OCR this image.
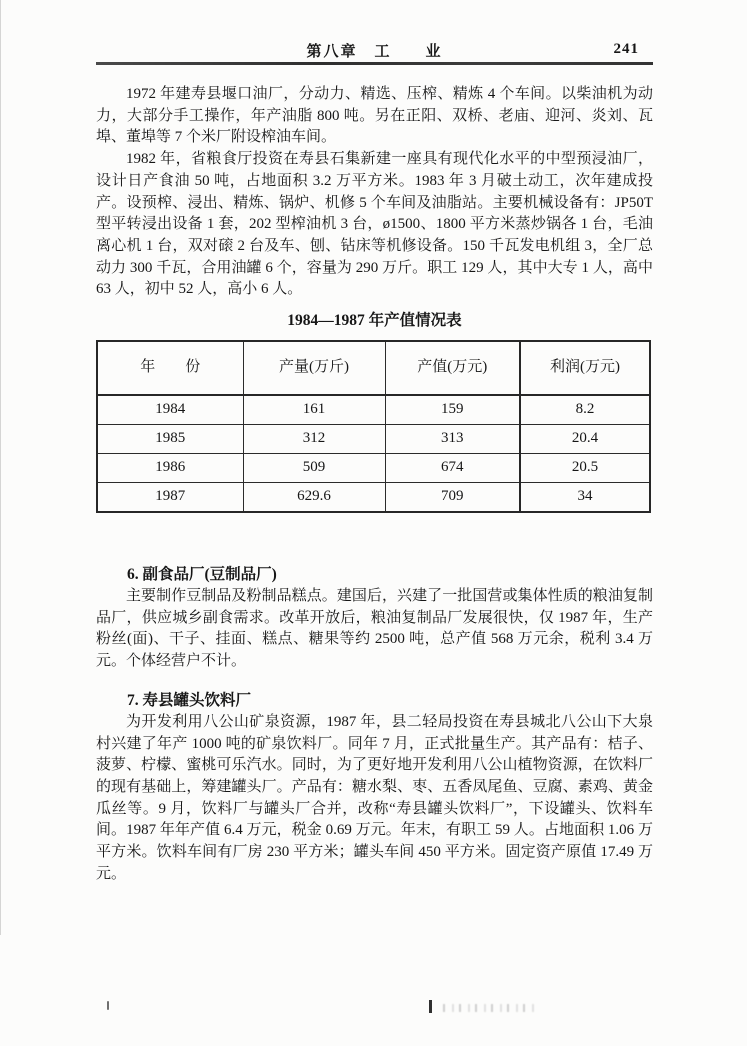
第八章　工　　业	241

1972 年建寿县堰口油厂，分动力、精选、压榨、精炼 4 个车间。以柴油机为动力，大部分手工操作，年产油脂 800 吨。另在正阳、双桥、老庙、迎河、炎刘、瓦埠、董埠等 7 个米厂附设榨油车间。

1982 年，省粮食厅投资在寿县石集新建一座具有现代化水平的中型预浸油厂，设计日产食油 50 吨，占地面积 3.2 万平方米。1983 年 3 月破土动工，次年建成投产。设预榨、浸出、精炼、锅炉、机修 5 个车间及油脂站。主要机械设备有：JP50T 型平转浸出设备 1 套，202 型榨油机 3 台，ø1500、1800 平方米蒸炒锅各 1 台，毛油离心机 1 台，双对磙 2 台及车、刨、钻床等机修设备。150 千瓦发电机组 3，全厂总动力 300 千瓦，合用油罐 6 个，容量为 290 万斤。职工 129 人，其中大专 1 人，高中 63 人，初中 52 人，高小 6 人。

1984—1987 年产值情况表
年　　份	产量(万斤)	产值(万元)	利润(万元)
1984	161	159	8.2
1985	312	313	20.4
1986	509	674	20.5
1987	629.6	709	34

6. 副食品厂(豆制品厂)

主要制作豆制品及粉制品糕点。建国后，兴建了一批国营或集体性质的粮油复制品厂，供应城乡副食需求。改革开放后，粮油复制品厂发展很快，仅 1987 年，生产粉丝(面)、干子、挂面、糕点、糖果等约 2500 吨，总产值 568 万元余，税利 3.4 万元。个体经营户不计。

7. 寿县罐头饮料厂

为开发利用八公山矿泉资源，1987 年，县二轻局投资在寿县城北八公山下大泉村兴建了年产 1000 吨的矿泉饮料厂。同年 7 月，正式批量生产。其产品有：桔子、菠萝、柠檬、蜜桃可乐汽水。同时，为了更好地开发利用八公山植物资源，在饮料厂的现有基础上，筹建罐头厂。产品有：糖水梨、枣、五香凤尾鱼、豆腐、素鸡、黄金瓜丝等。9 月，饮料厂与罐头厂合并，改称“寿县罐头饮料厂”，下设罐头、饮料车间。1987 年年产值 6.4 万元，税金 0.69 万元。年末，有职工 59 人。占地面积 1.06 万平方米。饮料车间有厂房 230 平方米；罐头车间 450 平方米。固定资产原值 17.49 万元。
